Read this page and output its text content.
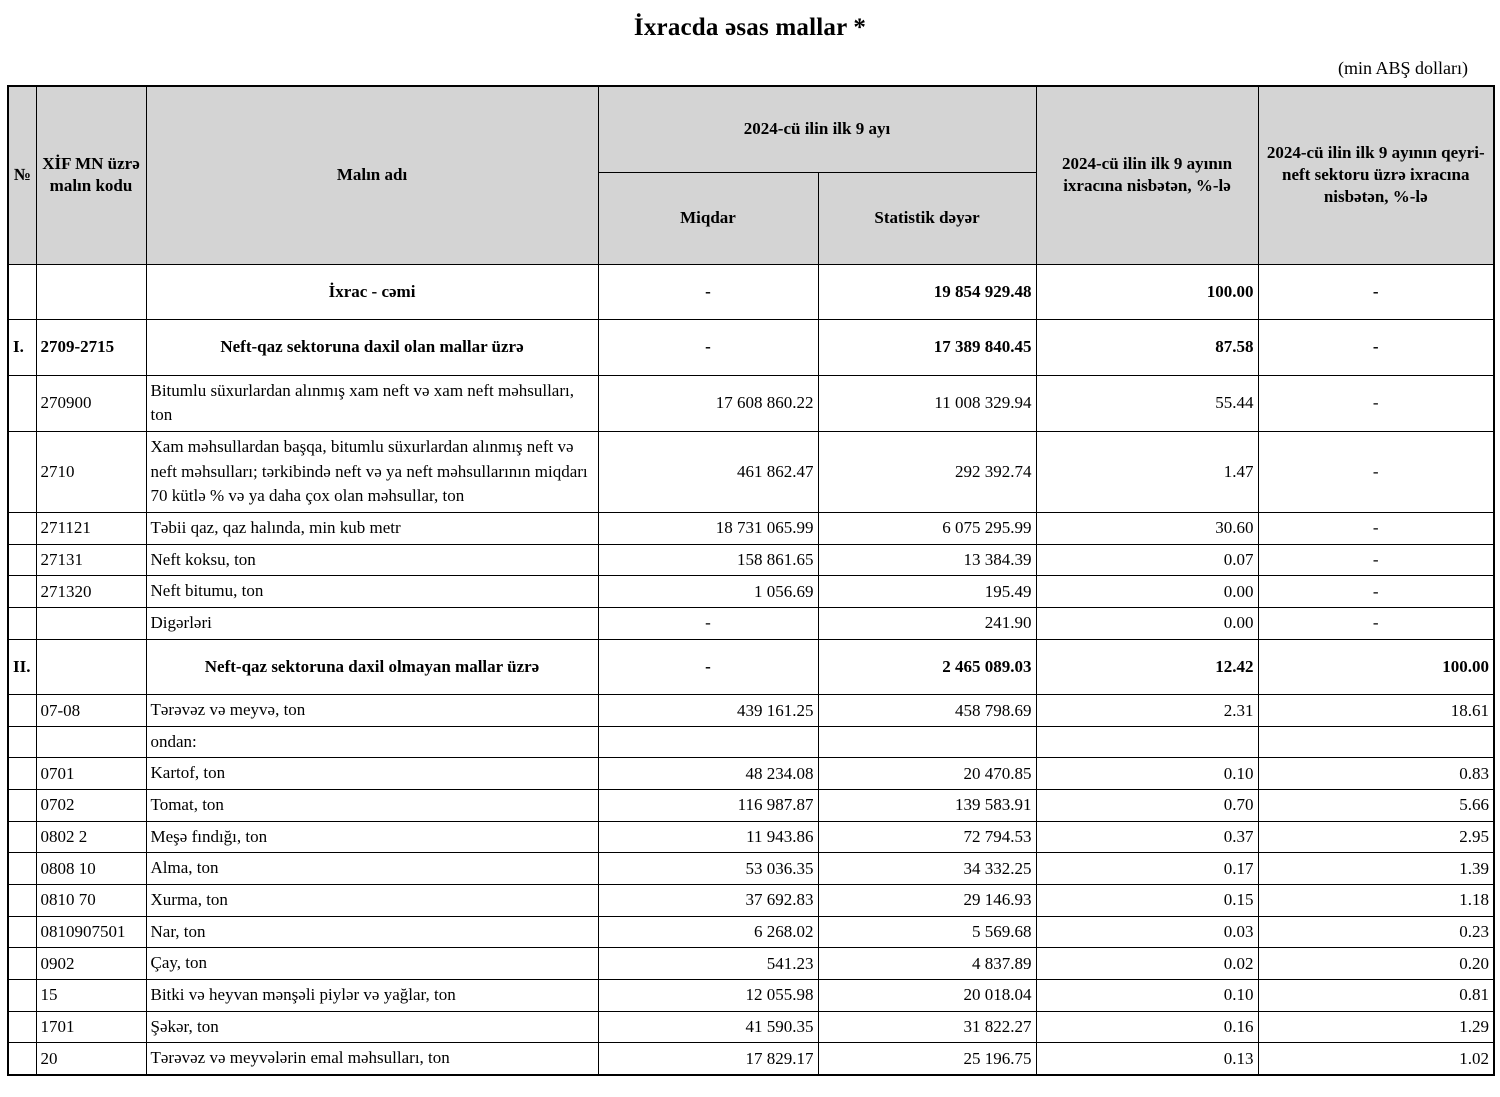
İxracda əsas mallar *
(min ABŞ dolları)
№	XİF MN üzrə malın kodu	Malın adı	2024-cü ilin ilk 9 ayı		2024-cü ilin ilk 9 ayının ixracına nisbətən, %-lə	2024-cü ilin ilk 9 ayının qeyri-neft sektoru üzrə ixracına nisbətən, %-lə
			Miqdar	Statistik dəyər		
		İxrac - cəmi	-	19 854 929.48	100.00	-
I.	2709-2715	Neft-qaz sektoruna daxil olan mallar üzrə	-	17 389 840.45	87.58	-
	270900	Bitumlu süxurlardan alınmış xam neft və xam neft məhsulları, ton	17 608 860.22	11 008 329.94	55.44	-
	2710	Xam məhsullardan başqa, bitumlu süxurlardan alınmış neft və neft məhsulları; tərkibində neft və ya neft məhsullarının miqdarı 70 kütlə % və ya daha çox olan məhsullar, ton	461 862.47	292 392.74	1.47	-
	271121	Təbii qaz, qaz halında, min kub metr	18 731 065.99	6 075 295.99	30.60	-
	27131	Neft koksu, ton	158 861.65	13 384.39	0.07	-
	271320	Neft bitumu, ton	1 056.69	195.49	0.00	-
		Digərləri	-	241.90	0.00	-
II.		Neft-qaz sektoruna daxil olmayan mallar üzrə	-	2 465 089.03	12.42	100.00
	07-08	Tərəvəz və meyvə, ton	439 161.25	458 798.69	2.31	18.61
		ondan:				
	0701	Kartof, ton	48 234.08	20 470.85	0.10	0.83
	0702	Tomat, ton	116 987.87	139 583.91	0.70	5.66
	0802 2	Meşə fındığı, ton	11 943.86	72 794.53	0.37	2.95
	0808 10	Alma, ton	53 036.35	34 332.25	0.17	1.39
	0810 70	Xurma, ton	37 692.83	29 146.93	0.15	1.18
	0810907501	Nar, ton	6 268.02	5 569.68	0.03	0.23
	0902	Çay, ton	541.23	4 837.89	0.02	0.20
	15	Bitki və heyvan mənşəli piylər və yağlar, ton	12 055.98	20 018.04	0.10	0.81
	1701	Şəkər, ton	41 590.35	31 822.27	0.16	1.29
	20	Tərəvəz və meyvələrin emal məhsulları, ton	17 829.17	25 196.75	0.13	1.02
